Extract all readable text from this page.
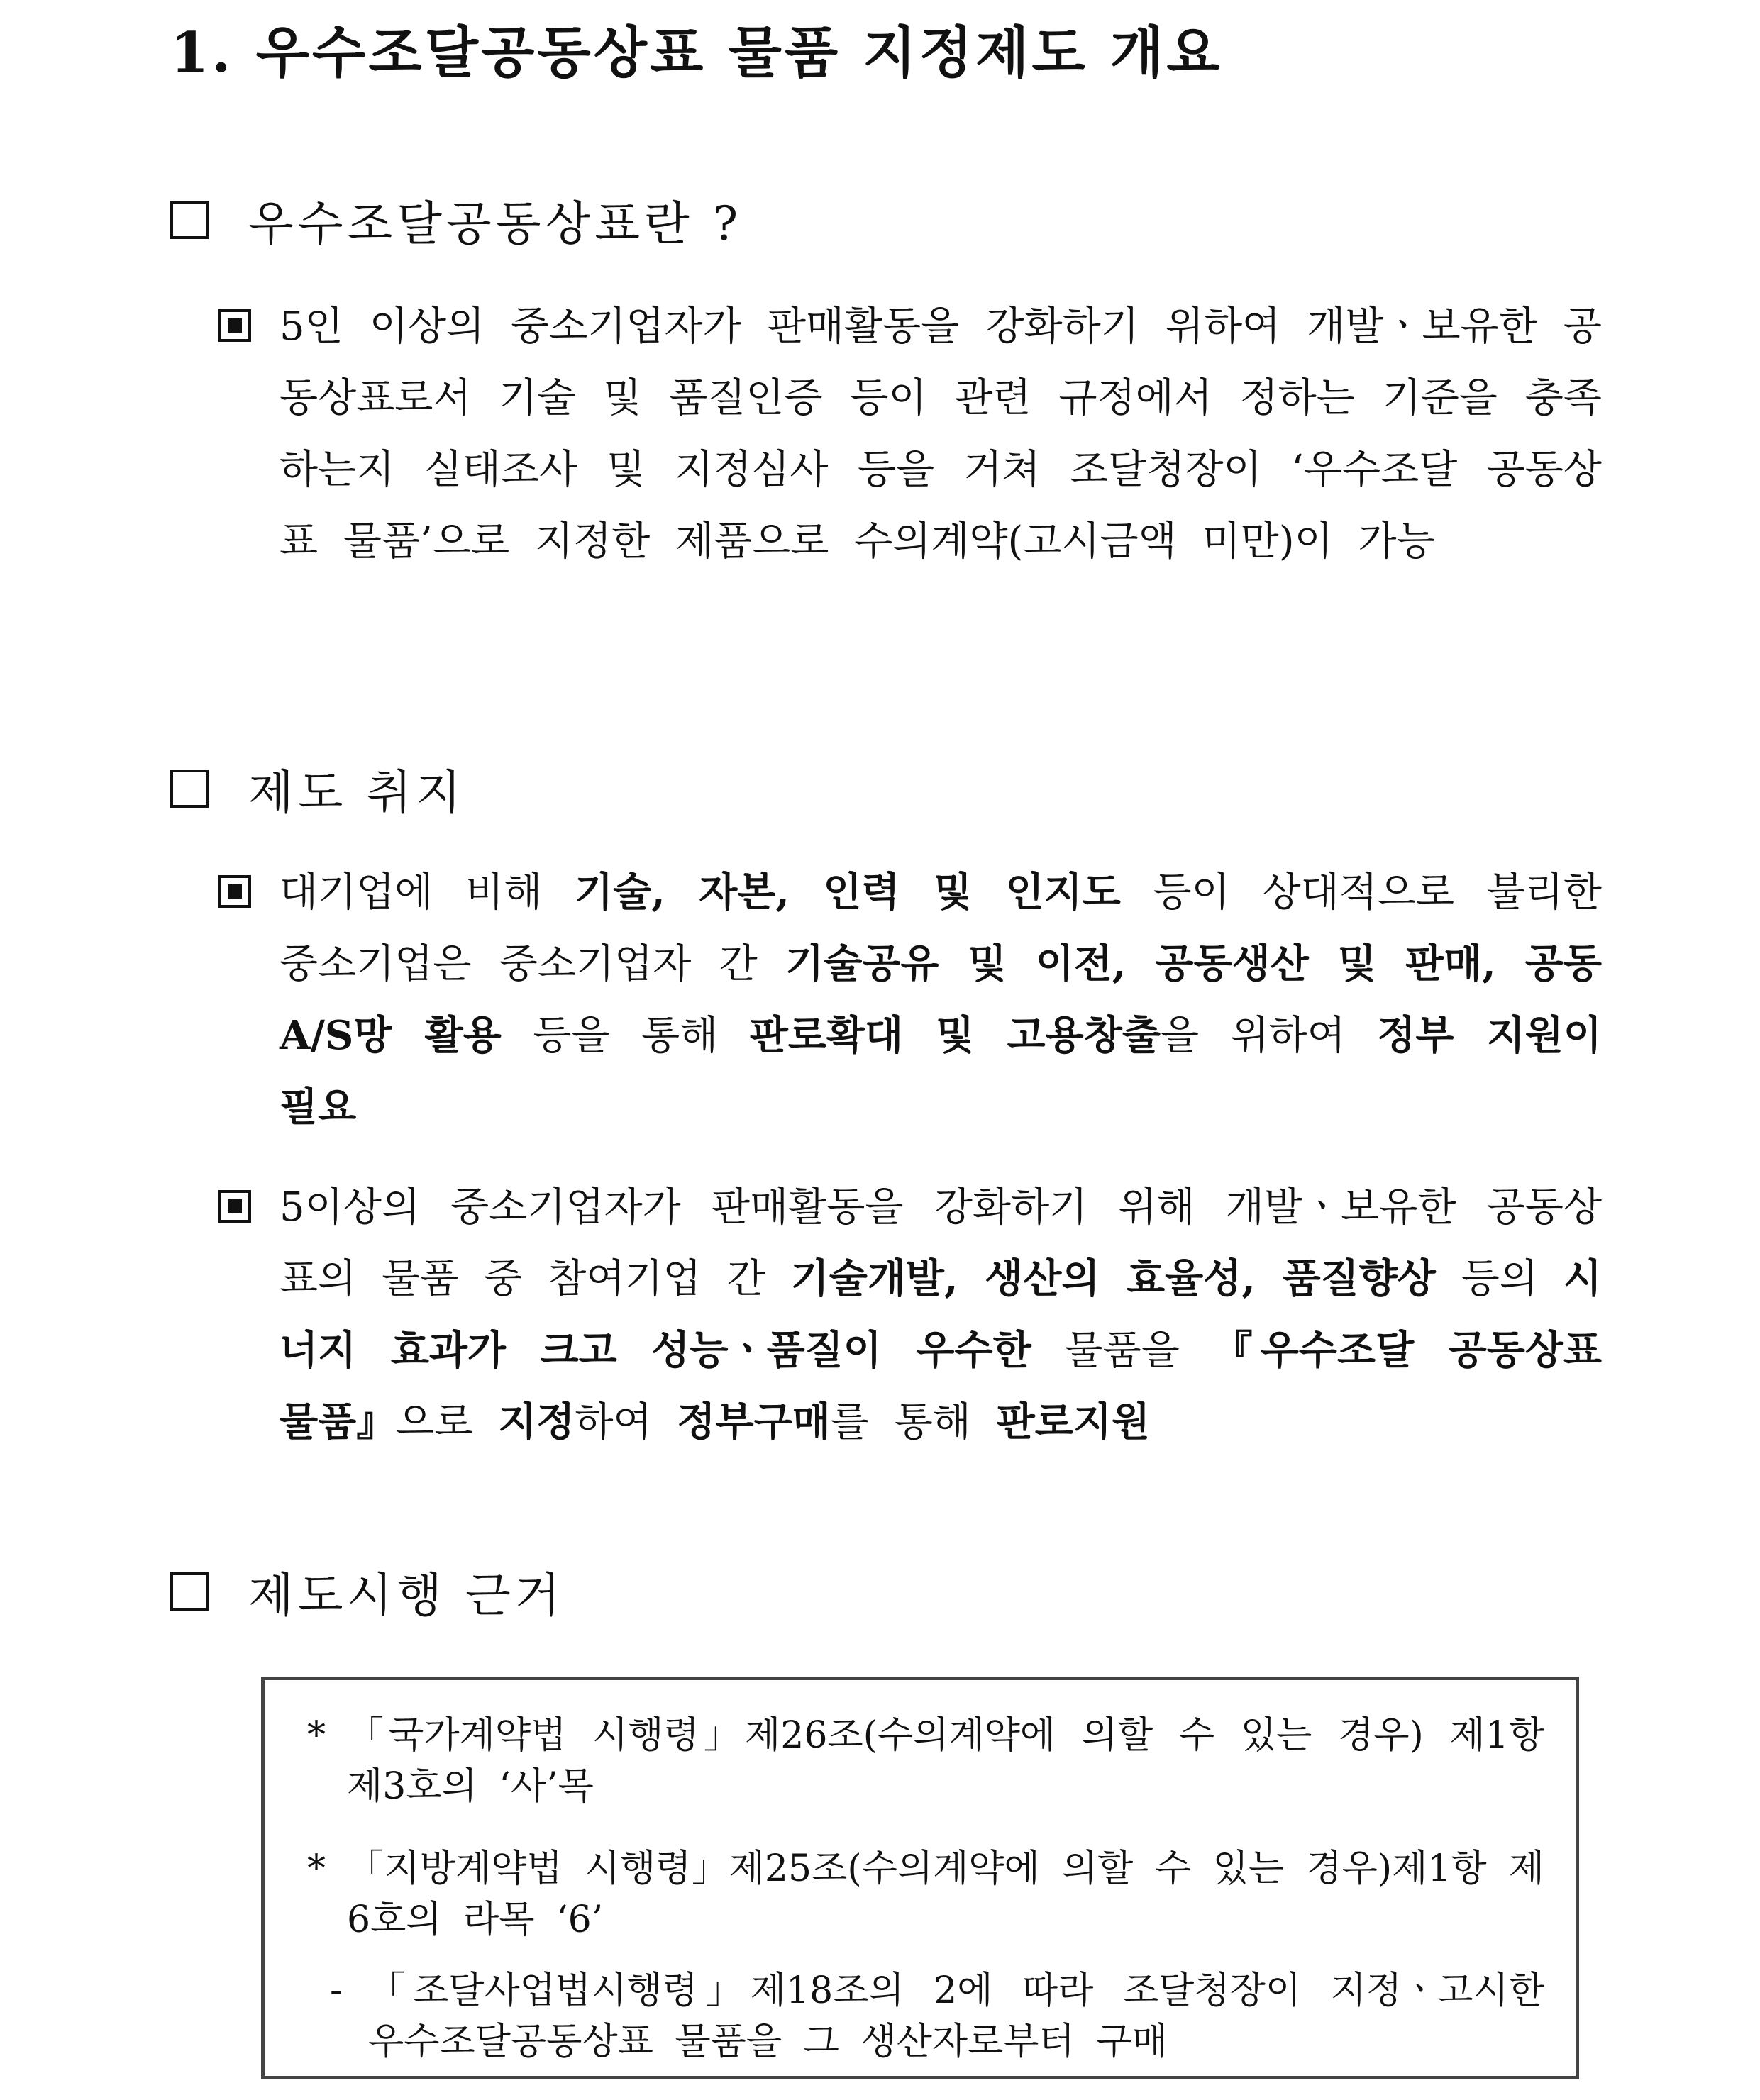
1. 우수조달공동상표 물품 지정제도 개요
우수조달공동상표란 ?
5인 이상의 중소기업자가 판매활동을 강화하기 위하여 개발ㆍ보유한 공동상표로서 기술 및 품질인증 등이 관련 규정에서 정하는 기준을 충족하는지 실태조사 및 지정심사 등을 거쳐 조달청장이 ‘우수조달 공동상표 물품’으로 지정한 제품으로 수의계약(고시금액 미만)이 가능
제도 취지
대기업에 비해 기술, 자본, 인력 및 인지도 등이 상대적으로 불리한 중소기업은 중소기업자 간 기술공유 및 이전, 공동생산 및 판매, 공동 A/S망 활용 등을 통해 판로확대 및 고용창출을 위하여 정부 지원이 필요
5이상의 중소기업자가 판매활동을 강화하기 위해 개발ㆍ보유한 공동상표의 물품 중 참여기업 간 기술개발, 생산의 효율성, 품질향상 등의 시너지 효과가 크고 성능ㆍ품질이 우수한 물품을 『우수조달 공동상표 물품』으로 지정하여 정부구매를 통해 판로지원
제도시행 근거
* 「국가계약법 시행령」제26조(수의계약에 의할 수 있는 경우) 제1항 제3호의 ‘사’목
* 「지방계약법 시행령」제25조(수의계약에 의할 수 있는 경우)제1항 제6호의 라목 ‘6’
- 「조달사업법시행령」제18조의 2에 따라 조달청장이 지정ㆍ고시한 우수조달공동상표 물품을 그 생산자로부터 구매
